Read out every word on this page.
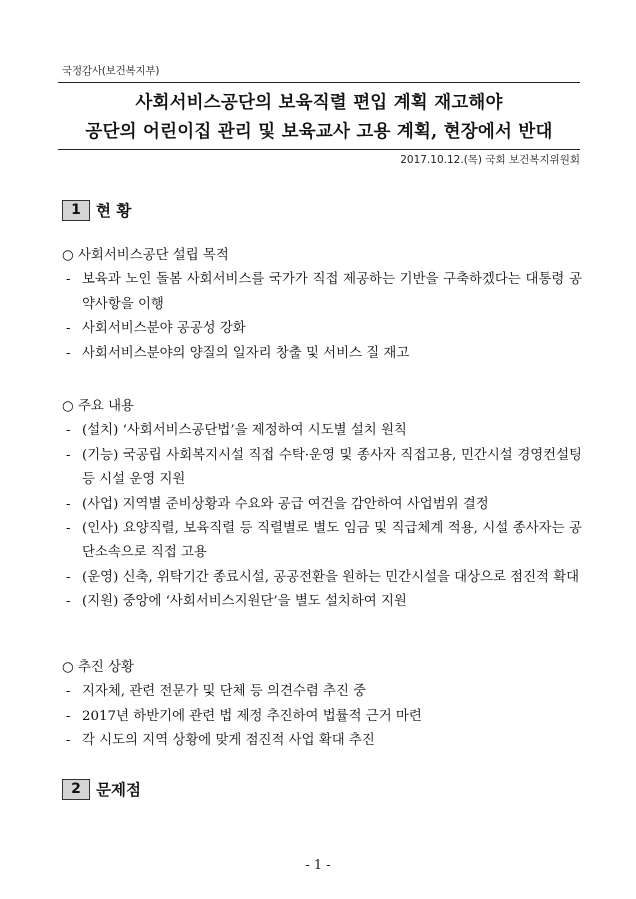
국정감사(보건복지부)
사회서비스공단의 보육직렬 편입 계획 재고해야
공단의 어린이집 관리 및 보육교사 고용 계획, 현장에서 반대
2017.10.12.(목) 국회 보건복지위원회
1 현 황
○ 사회서비스공단 설립 목적
- 보육과 노인 돌봄 사회서비스를 국가가 직접 제공하는 기반을 구축하겠다는 대통령 공약사항을 이행
- 사회서비스분야 공공성 강화
- 사회서비스분야의 양질의 일자리 창출 및 서비스 질 재고
○ 주요 내용
- (설치) ‘사회서비스공단법’을 제정하여 시도별 설치 원칙
- (기능) 국공립 사회복지시설 직접 수탁·운영 및 종사자 직접고용, 민간시설 경영컨설팅 등 시설 운영 지원
- (사업) 지역별 준비상황과 수요와 공급 여건을 감안하여 사업범위 결정
- (인사) 요양직렬, 보육직렬 등 직렬별로 별도 임금 및 직급체계 적용, 시설 종사자는 공단소속으로 직접 고용
- (운영) 신축, 위탁기간 종료시설, 공공전환을 원하는 민간시설을 대상으로 점진적 확대
- (지원) 중앙에 ‘사회서비스지원단’을 별도 설치하여 지원
○ 추진 상황
- 지자체, 관련 전문가 및 단체 등 의견수렴 추진 중
- 2017년 하반기에 관련 법 제정 추진하여 법률적 근거 마련
- 각 시도의 지역 상황에 맞게 점진적 사업 확대 추진
2 문제점
- 1 -
